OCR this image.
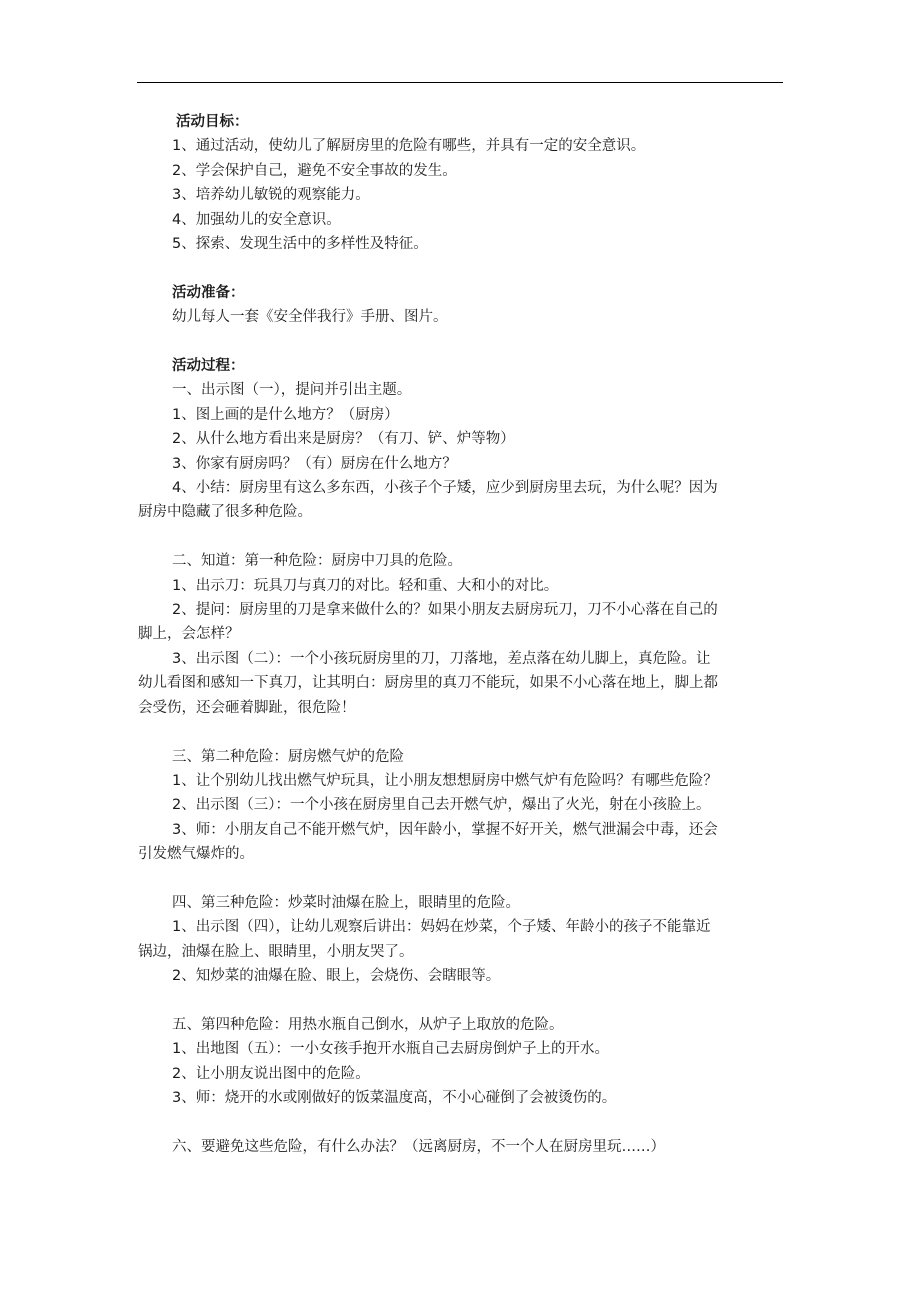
活动目标：

1、通过活动，使幼儿了解厨房里的危险有哪些，并具有一定的安全意识。

2、学会保护自己，避免不安全事故的发生。

3、培养幼儿敏锐的观察能力。

4、加强幼儿的安全意识。

5、探索、发现生活中的多样性及特征。

活动准备：

幼儿每人一套《安全伴我行》手册、图片。

活动过程：

一、出示图（一），提问并引出主题。

1、图上画的是什么地方？（厨房）

2、从什么地方看出来是厨房？（有刀、铲、炉等物）

3、你家有厨房吗？（有）厨房在什么地方？

4、小结：厨房里有这么多东西，小孩子个子矮，应少到厨房里去玩，为什么呢？因为

厨房中隐藏了很多种危险。

二、知道：第一种危险：厨房中刀具的危险。

1、出示刀：玩具刀与真刀的对比。轻和重、大和小的对比。

2、提问：厨房里的刀是拿来做什么的？如果小朋友去厨房玩刀，刀不小心落在自己的

脚上，会怎样？

3、出示图（二）：一个小孩玩厨房里的刀，刀落地，差点落在幼儿脚上，真危险。让

幼儿看图和感知一下真刀，让其明白：厨房里的真刀不能玩，如果不小心落在地上，脚上都

会受伤，还会砸着脚趾，很危险！

三、第二种危险：厨房燃气炉的危险

1、让个别幼儿找出燃气炉玩具，让小朋友想想厨房中燃气炉有危险吗？有哪些危险？

2、出示图（三）：一个小孩在厨房里自己去开燃气炉，爆出了火光，射在小孩脸上。

3、师：小朋友自己不能开燃气炉，因年龄小，掌握不好开关，燃气泄漏会中毒，还会

引发燃气爆炸的。

四、第三种危险：炒菜时油爆在脸上，眼睛里的危险。

1、出示图（四），让幼儿观察后讲出：妈妈在炒菜，个子矮、年龄小的孩子不能靠近

锅边，油爆在脸上、眼睛里，小朋友哭了。

2、知炒菜的油爆在脸、眼上，会烧伤、会瞎眼等。

五、第四种危险：用热水瓶自己倒水，从炉子上取放的危险。

1、出地图（五）：一小女孩手抱开水瓶自己去厨房倒炉子上的开水。

2、让小朋友说出图中的危险。

3、师：烧开的水或刚做好的饭菜温度高，不小心碰倒了会被烫伤的。

六、要避免这些危险，有什么办法？（远离厨房，不一个人在厨房里玩……）
